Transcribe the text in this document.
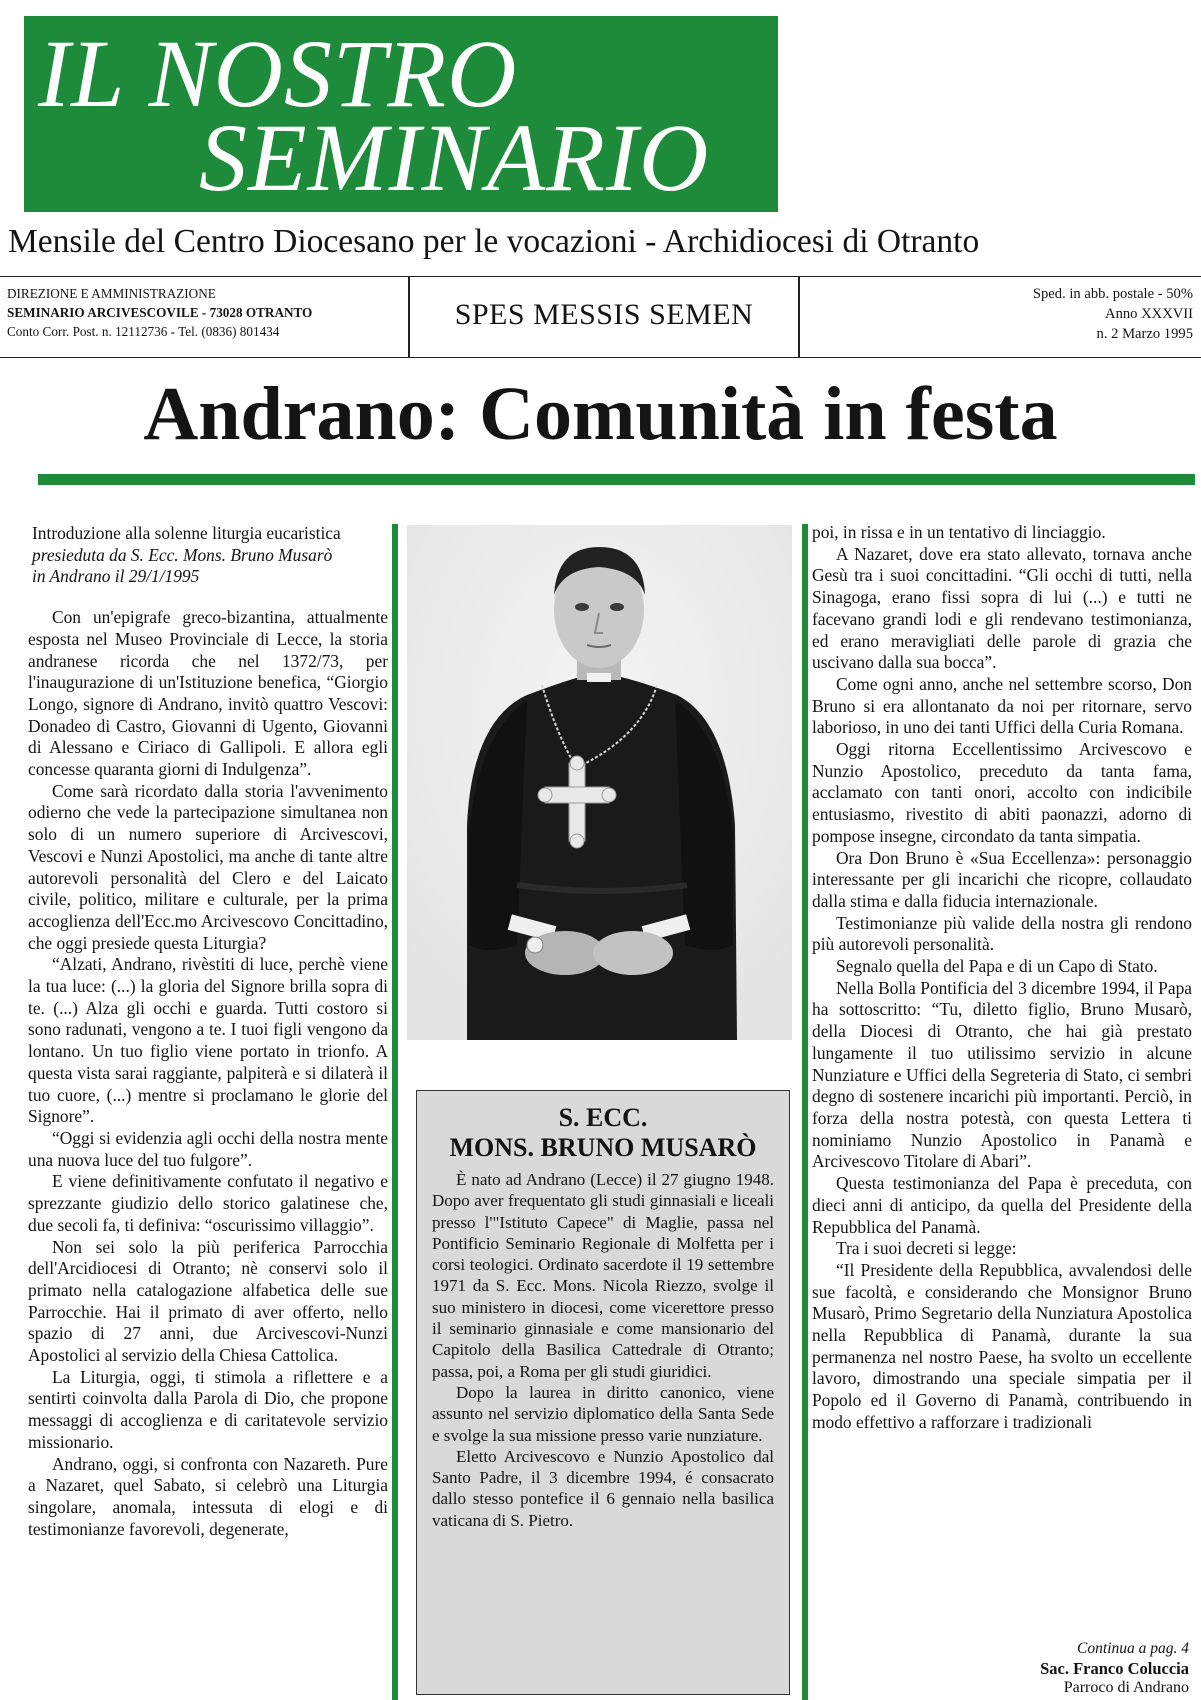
IL NOSTRO
SEMINARIO
Mensile del Centro Diocesano per le vocazioni - Archidiocesi di Otranto
DIREZIONE E AMMINISTRAZIONE
SEMINARIO ARCIVESCOVILE - 73028 OTRANTO
Conto Corr. Post. n. 12112736 - Tel. (0836) 801434
SPES MESSIS SEMEN
Sped. in abb. postale - 50%
Anno XXXVII
n. 2 Marzo 1995
Andrano: Comunità in festa

Introduzione alla solenne liturgia eucaristica

presieduta da S. Ecc. Mons. Bruno Musarò

in Andrano il 29/1/1995

Con un'epigrafe greco-bizantina, attualmente esposta nel Museo Provinciale di Lecce, la storia andranese ricorda che nel 1372/73, per l'inaugurazione di un'Istituzione benefica, “Giorgio Longo, signore di Andrano, invitò quattro Vescovi: Donadeo di Castro, Giovanni di Ugento, Giovanni di Alessano e Ciriaco di Gallipoli. E allora egli concesse quaranta giorni di Indulgenza”.

Come sarà ricordato dalla storia l'avvenimento odierno che vede la partecipazione simultanea non solo di un numero superiore di Arcivescovi, Vescovi e Nunzi Apostolici, ma anche di tante altre autorevoli personalità del Clero e del Laicato civile, politico, militare e culturale, per la prima accoglienza dell'Ecc.mo Arcivescovo Concittadino, che oggi presiede questa Liturgia?

“Alzati, Andrano, rivèstiti di luce, perchè viene la tua luce: (...) la gloria del Signore brilla sopra di te. (...) Alza gli occhi e guarda. Tutti costoro si sono radunati, vengono a te. I tuoi figli vengono da lontano. Un tuo figlio viene portato in trionfo. A questa vista sarai raggiante, palpiterà e si dilaterà il tuo cuore, (...) mentre si proclamano le glorie del Signore”.

“Oggi si evidenzia agli occhi della nostra mente una nuova luce del tuo fulgore”.

E viene definitivamente confutato il negativo e sprezzante giudizio dello storico galatinese che, due secoli fa, ti definiva: “oscurissimo villaggio”.

Non sei solo la più periferica Parrocchia dell'Arcidiocesi di Otranto; nè conservi solo il primato nella catalogazione alfabetica delle sue Parrocchie. Hai il primato di aver offerto, nello spazio di 27 anni, due Arcivescovi-Nunzi Apostolici al servizio della Chiesa Cattolica.

La Liturgia, oggi, ti stimola a riflettere e a sentirti coinvolta dalla Parola di Dio, che propone messaggi di accoglienza e di caritatevole servizio missionario.

Andrano, oggi, si confronta con Nazareth. Pure a Nazaret, quel Sabato, si celebrò una Liturgia singolare, anomala, intessuta di elogi e di testimonianze favorevoli, degenerate,

S. ECC.
MONS. BRUNO MUSARÒ

È nato ad Andrano (Lecce) il 27 giugno 1948. Dopo aver frequentato gli studi ginnasiali e liceali presso l'"Istituto Capece" di Maglie, passa nel Pontificio Seminario Regionale di Molfetta per i corsi teologici. Ordinato sacerdote il 19 settembre 1971 da S. Ecc. Mons. Nicola Riezzo, svolge il suo ministero in diocesi, come vicerettore presso il seminario ginnasiale e come mansionario del Capitolo della Basilica Cattedrale di Otranto; passa, poi, a Roma per gli studi giuridici.

Dopo la laurea in diritto canonico, viene assunto nel servizio diplomatico della Santa Sede e svolge la sua missione presso varie nunziature.

Eletto Arcivescovo e Nunzio Apostolico dal Santo Padre, il 3 dicembre 1994, é consacrato dallo stesso pontefice il 6 gennaio nella basilica vaticana di S. Pietro.

poi, in rissa e in un tentativo di linciaggio.

A Nazaret, dove era stato allevato, tornava anche Gesù tra i suoi concittadini. “Gli occhi di tutti, nella Sinagoga, erano fissi sopra di lui (...) e tutti ne facevano grandi lodi e gli rendevano testimonianza, ed erano meravigliati delle parole di grazia che uscivano dalla sua bocca”.

Come ogni anno, anche nel settembre scorso, Don Bruno si era allontanato da noi per ritornare, servo laborioso, in uno dei tanti Uffici della Curia Romana.

Oggi ritorna Eccellentissimo Arcivescovo e Nunzio Apostolico, preceduto da tanta fama, acclamato con tanti onori, accolto con indicibile entusiasmo, rivestito di abiti paonazzi, adorno di pompose insegne, circondato da tanta simpatia.

Ora Don Bruno è «Sua Eccellenza»: personaggio interessante per gli incarichi che ricopre, collaudato dalla stima e dalla fiducia internazionale.

Testimonianze più valide della nostra gli rendono più autorevoli personalità.

Segnalo quella del Papa e di un Capo di Stato.

Nella Bolla Pontificia del 3 dicembre 1994, il Papa ha sottoscritto: “Tu, diletto figlio, Bruno Musarò, della Diocesi di Otranto, che hai già prestato lungamente il tuo utilissimo servizio in alcune Nunziature e Uffici della Segreteria di Stato, ci sembri degno di sostenere incarichi più importanti. Perciò, in forza della nostra potestà, con questa Lettera ti nominiamo Nunzio Apostolico in Panamà e Arcivescovo Titolare di Abari”.

Questa testimonianza del Papa è preceduta, con dieci anni di anticipo, da quella del Presidente della Repubblica del Panamà.

Tra i suoi decreti si legge:

“Il Presidente della Repubblica, avvalendosi delle sue facoltà, e considerando che Monsignor Bruno Musarò, Primo Segretario della Nunziatura Apostolica nella Repubblica di Panamà, durante la sua permanenza nel nostro Paese, ha svolto un eccellente lavoro, dimostrando una speciale simpatia per il Popolo ed il Governo di Panamà, contribuendo in modo effettivo a rafforzare i tradizionali

Continua a pag. 4
Sac. Franco Coluccia
Parroco di Andrano
